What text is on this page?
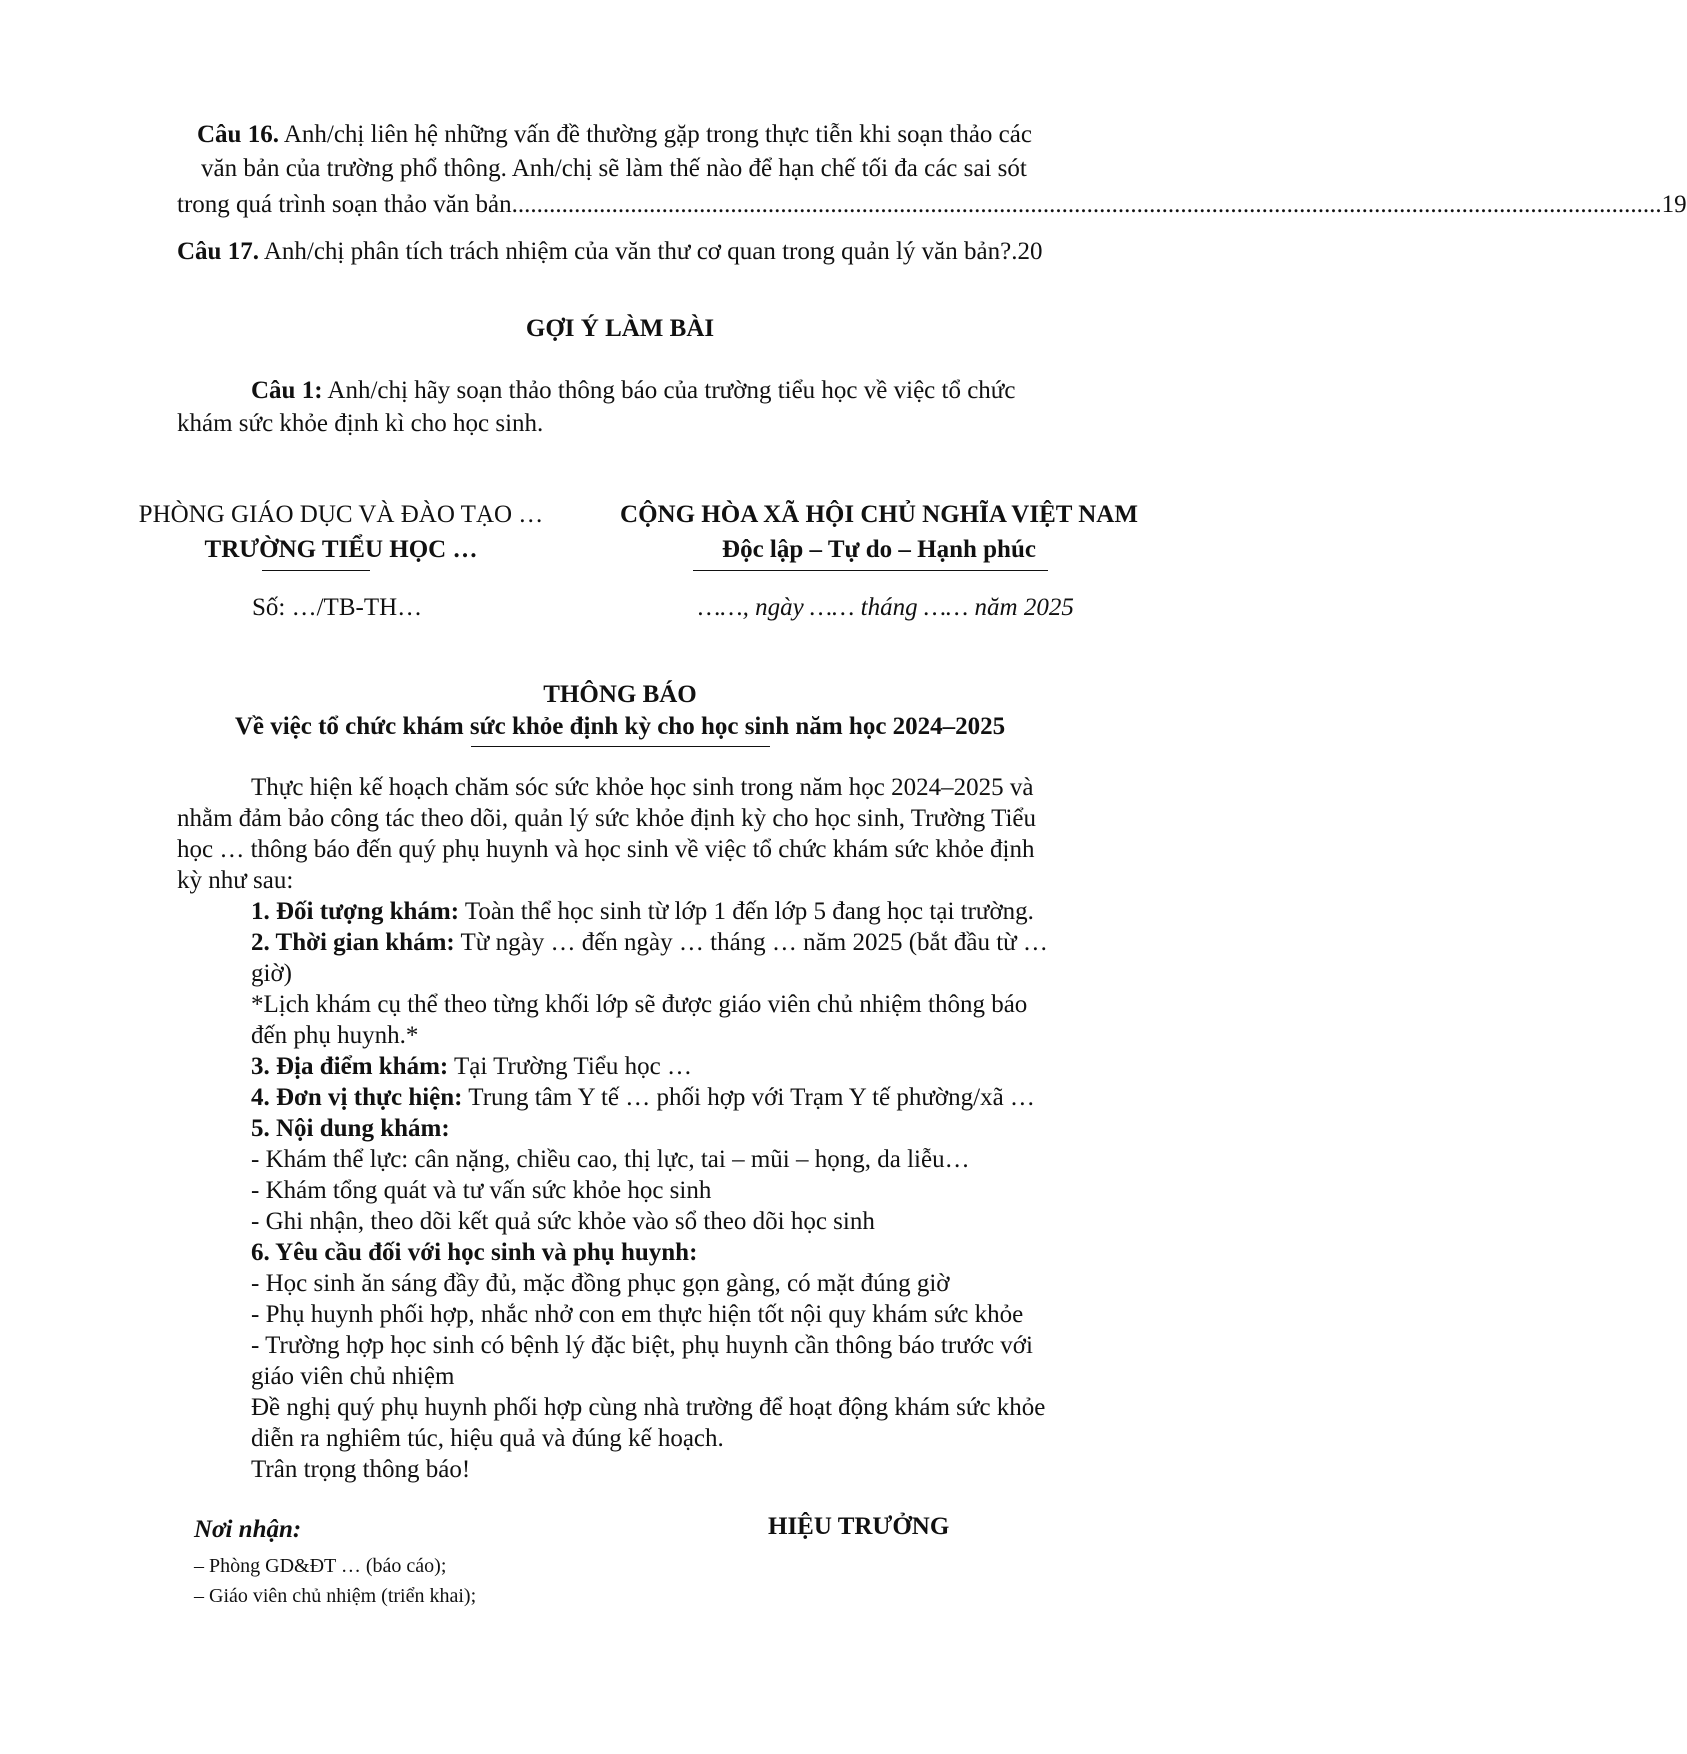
Câu 16. Anh/chị liên hệ những vấn đề thường gặp trong thực tiễn khi soạn thảo các
văn bản của trường phổ thông. Anh/chị sẽ làm thế nào để hạn chế tối đa các sai sót
trong quá trình soạn thảo văn bản ........................................................................................................................................................................................ 19
Câu 17. Anh/chị phân tích trách nhiệm của văn thư cơ quan trong quản lý văn bản?.20
GỢI Ý LÀM BÀI
Câu 1: Anh/chị hãy soạn thảo thông báo của trường tiểu học về việc tổ chức
khám sức khỏe định kì cho học sinh.
PHÒNG GIÁO DỤC VÀ ĐÀO TẠO …
TRƯỜNG TIỂU HỌC …
Số: …/TB-TH…
CỘNG HÒA XÃ HỘI CHỦ NGHĨA VIỆT NAM
Độc lập – Tự do – Hạnh phúc
……, ngày …… tháng …… năm 2025
THÔNG BÁO
Về việc tổ chức khám sức khỏe định kỳ cho học sinh năm học 2024–2025
Thực hiện kế hoạch chăm sóc sức khỏe học sinh trong năm học 2024–2025 và
nhằm đảm bảo công tác theo dõi, quản lý sức khỏe định kỳ cho học sinh, Trường Tiểu
học … thông báo đến quý phụ huynh và học sinh về việc tổ chức khám sức khỏe định
kỳ như sau:
1. Đối tượng khám: Toàn thể học sinh từ lớp 1 đến lớp 5 đang học tại trường.
2. Thời gian khám: Từ ngày … đến ngày … tháng … năm 2025 (bắt đầu từ …
giờ)
*Lịch khám cụ thể theo từng khối lớp sẽ được giáo viên chủ nhiệm thông báo
đến phụ huynh.*
3. Địa điểm khám: Tại Trường Tiểu học …
4. Đơn vị thực hiện: Trung tâm Y tế … phối hợp với Trạm Y tế phường/xã …
5. Nội dung khám:
- Khám thể lực: cân nặng, chiều cao, thị lực, tai – mũi – họng, da liễu…
- Khám tổng quát và tư vấn sức khỏe học sinh
- Ghi nhận, theo dõi kết quả sức khỏe vào sổ theo dõi học sinh
6. Yêu cầu đối với học sinh và phụ huynh:
- Học sinh ăn sáng đầy đủ, mặc đồng phục gọn gàng, có mặt đúng giờ
- Phụ huynh phối hợp, nhắc nhở con em thực hiện tốt nội quy khám sức khỏe
- Trường hợp học sinh có bệnh lý đặc biệt, phụ huynh cần thông báo trước với
giáo viên chủ nhiệm
Đề nghị quý phụ huynh phối hợp cùng nhà trường để hoạt động khám sức khỏe
diễn ra nghiêm túc, hiệu quả và đúng kế hoạch.
Trân trọng thông báo!
Nơi nhận:
– Phòng GD&ĐT … (báo cáo);
– Giáo viên chủ nhiệm (triển khai);
HIỆU TRƯỞNG
